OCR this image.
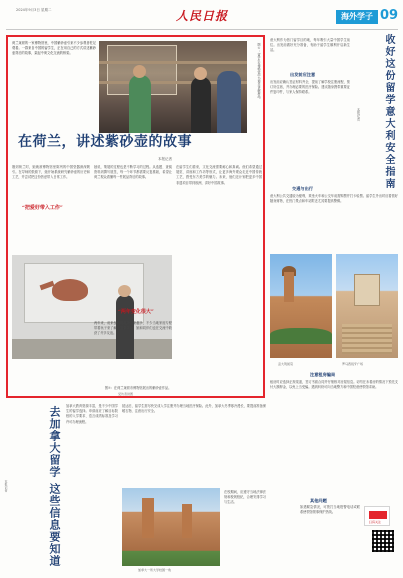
2024年9月3日 星期二	人民日报	海外学子 09

荷兰莱顿的一家博物馆里，中国紫砂壶引来不少参观者驻足观看。一群来自中国的留学生，正在用自己的方式讲述紫砂壶背后的故事，架起中荷文化交流的桥梁。	图①：留学生在博物馆中为观众讲解展品。
在荷兰，讲述紫砂壶的故事
本报记者
“把爱好带入工作”

刚到荷兰时，她就被博物馆里陈列的中国瓷器深深吸引。在导师的鼓励下，她开始系统研究紫砂壶的历史和工艺，并尝试把这份热爱带入日常工作。

她说，策展的过程也是不断学习的过程。从选题、查阅资料到撰写展签，每一个环节都需要反复推敲，希望让荷兰观众看懂每一件展品背后的故事。

在留学生们看来，文化交流需要耐心和真诚。他们希望通过展览、讲座和工作坊等形式，让更多海外观众走近中国传统工艺，感受东方美学的魅力。未来，他们还计划把更多中国非遗项目带到欧洲，讲好中国故事。

“两年变化很大”

两年来，前来参观的观众越来越多，不少当地家庭专程带着孩子来了解中国茶文化。她和同伴们也在交流中收获了许多友谊。

图②：在荷兰莱顿市博物馆展出的紫砂壶作品。
受访者供图
收好这份留学意大利安全指南
本报记者
意大利作为热门留学目的地，每年吸引大量中国学生前往。出发前做好充分准备，有助于留学生顺利开启新生活。
出发前应注意
出发前应确认签证材料齐全，提前了解学校注册流程，预订好住宿，并办理必要的医疗保险。建议随身携带重要证件复印件，与家人保持联系。
交通与出行
意大利公共交通较为便利，乘坐火车和公交车前需购票并打卡验票。留学生外出时应看管好随身财物，在热门景点和车站附近尤其要提高警惕。
意大利街景	罗马西班牙广场
注意租房骗局
租房时应选择正规渠道，签订书面合同并仔细核对房屋信息。切勿在未看房的情况下预先支付大额押金，以免上当受骗。遇到纠纷可向当地警方和中国驻意使领馆求助。
其他问题
如遇紧急情况，可拨打当地报警电话或联系使领馆领事保护热线。
扫码关注
去加拿大留学 这些信息要知道
本报记者
加拿大教育资源丰富，是不少中国学生的留学选择。申请前应了解目标院校的入学要求、语言成绩标准及学习许可办理流程。
抵达后，留学生需尽快完成入学注册并办理当地医疗保险。此外，加拿大冬季寒冷漫长，要提前准备保暖衣物，注意出行安全。
加拿大一所大学校园一角
在校期间，应遵守当地法律法规和校规校纪，合理安排学习与生活。
